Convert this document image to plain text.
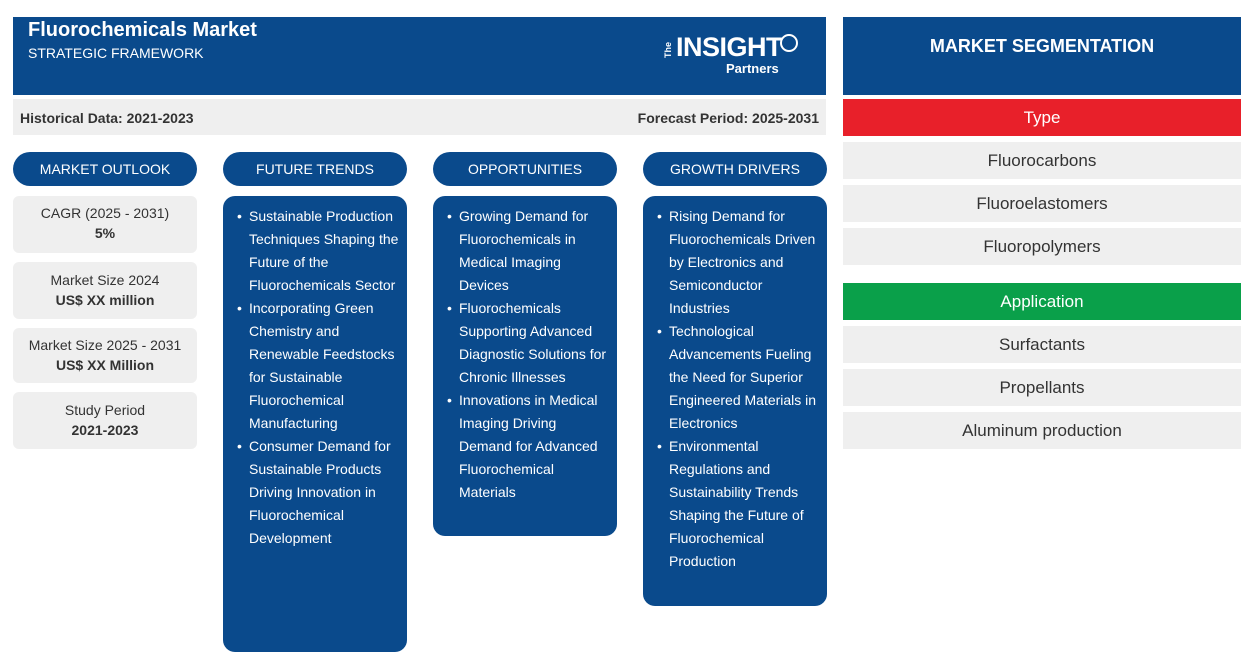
Fluorochemicals Market
STRATEGIC FRAMEWORK	The INSIGHT
Partners
Historical Data: 2021-2023	Forecast Period: 2025-2031
MARKET OUTLOOK	FUTURE TRENDS	OPPORTUNITIES	GROWTH DRIVERS
CAGR (2025 - 2031)
5%
Market Size 2024
US$ XX million
Market Size 2025 - 2031
US$ XX Million
Study Period
2021-2023
• Sustainable Production Techniques Shaping the Future of the Fluorochemicals Sector
• Incorporating Green Chemistry and Renewable Feedstocks for Sustainable Fluorochemical Manufacturing
• Consumer Demand for Sustainable Products Driving Innovation in Fluorochemical Development
• Growing Demand for Fluorochemicals in Medical Imaging Devices
• Fluorochemicals Supporting Advanced Diagnostic Solutions for Chronic Illnesses
• Innovations in Medical Imaging Driving Demand for Advanced Fluorochemical Materials
• Rising Demand for Fluorochemicals Driven by Electronics and Semiconductor Industries
• Technological Advancements Fueling the Need for Superior Engineered Materials in Electronics
• Environmental Regulations and Sustainability Trends Shaping the Future of Fluorochemical Production
MARKET SEGMENTATION
Type
Fluorocarbons
Fluoroelastomers
Fluoropolymers
Application
Surfactants
Propellants
Aluminum production
